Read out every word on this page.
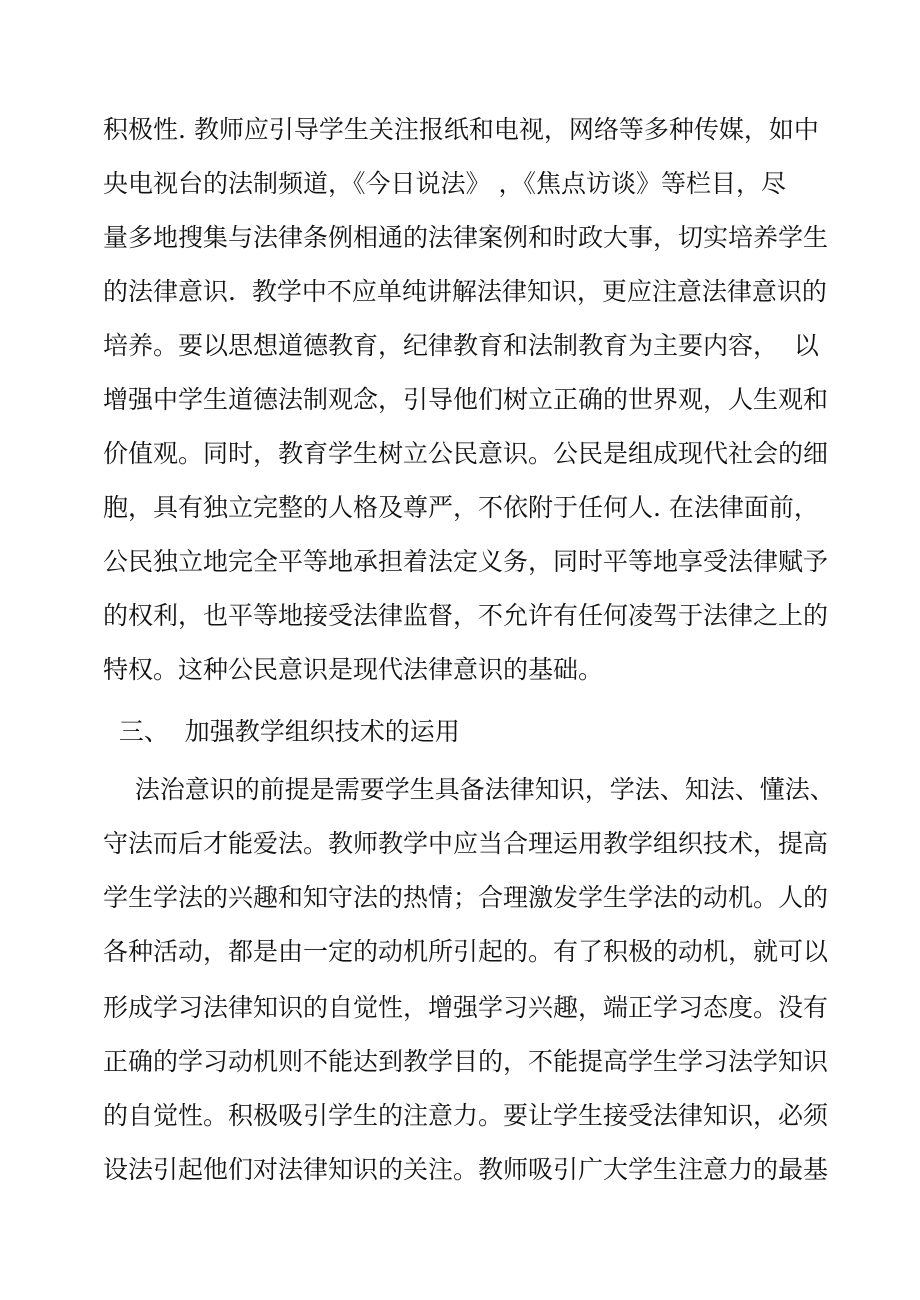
积极性. 教师应引导学生关注报纸和电视，网络等多种传媒，如中
央电视台的法制频道，《今日说法》 ，《焦点访谈》等栏目，尽
量多地搜集与法律条例相通的法律案例和时政大事，切实培养学生
的法律意识.  教学中不应单纯讲解法律知识，更应注意法律意识的
培养。要以思想道德教育，纪律教育和法制教育为主要内容，  以
增强中学生道德法制观念，引导他们树立正确的世界观，人生观和
价值观。同时，教育学生树立公民意识。公民是组成现代社会的细
胞，具有独立完整的人格及尊严，不依附于任何人. 在法律面前，
公民独立地完全平等地承担着法定义务，同时平等地享受法律赋予
的权利，也平等地接受法律监督，不允许有任何凌驾于法律之上的
特权。这种公民意识是现代法律意识的基础。
三、  加强教学组织技术的运用
法治意识的前提是需要学生具备法律知识，学法、知法、懂法、
守法而后才能爱法。教师教学中应当合理运用教学组织技术，提高
学生学法的兴趣和知守法的热情；合理激发学生学法的动机。人的
各种活动，都是由一定的动机所引起的。有了积极的动机，就可以
形成学习法律知识的自觉性，增强学习兴趣，端正学习态度。没有
正确的学习动机则不能达到教学目的，不能提高学生学习法学知识
的自觉性。积极吸引学生的注意力。要让学生接受法律知识，必须
设法引起他们对法律知识的关注。教师吸引广大学生注意力的最基
